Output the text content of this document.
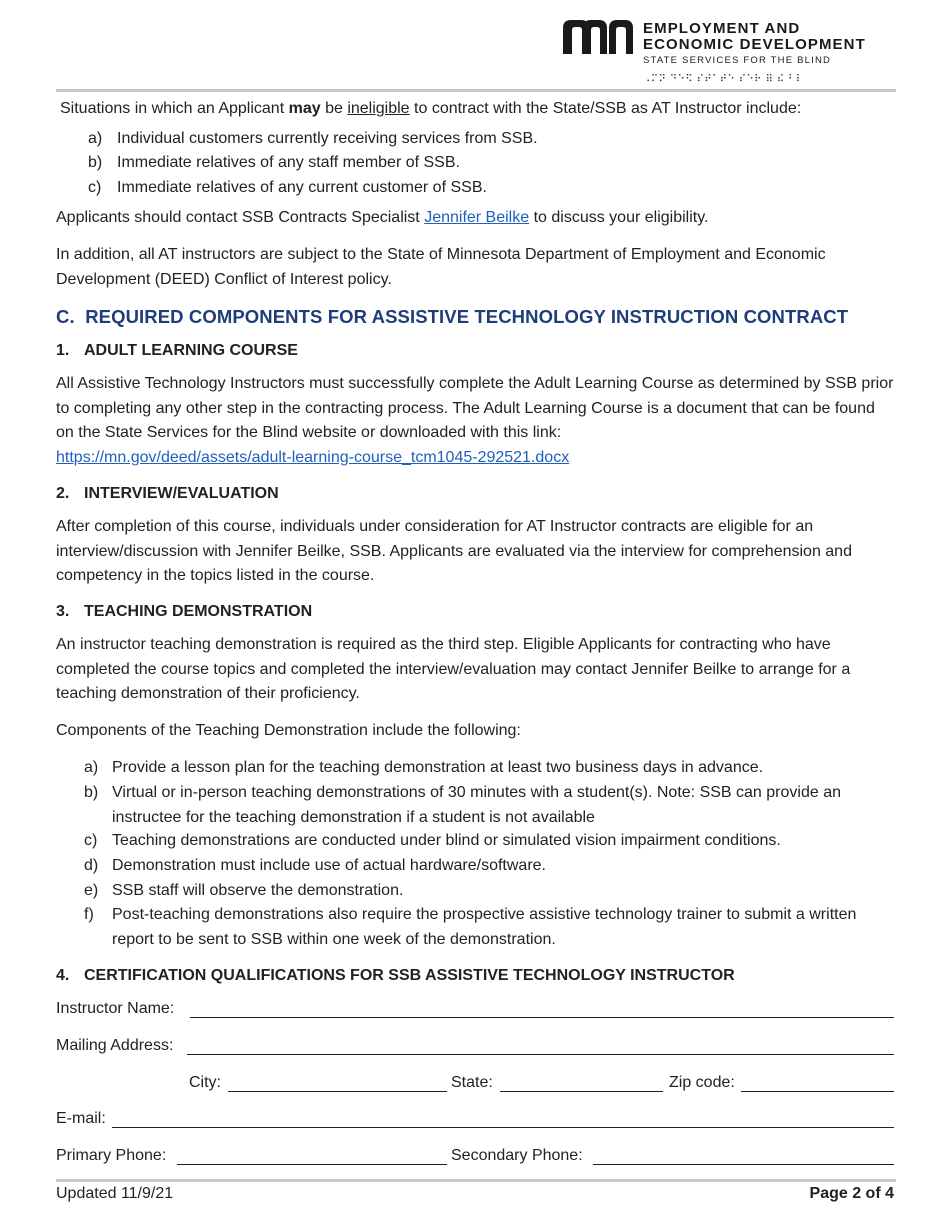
EMPLOYMENT AND
ECONOMIC DEVELOPMENT
STATE SERVICES FOR THE BLIND
⠠⠍⠝ ⠙⠑⠫ ⠎⠞⠁⠞⠑ ⠎⠑⠗ ⠿ ⠮ ⠃⠇
Situations in which an Applicant may be ineligible to contract with the State/SSB as AT Instructor include:
a) Individual customers currently receiving services from SSB.
b) Immediate relatives of any staff member of SSB.
c) Immediate relatives of any current customer of SSB.
Applicants should contact SSB Contracts Specialist Jennifer Beilke to discuss your eligibility.
In addition, all AT instructors are subject to the State of Minnesota Department of Employment and Economic Development (DEED) Conflict of Interest policy.
C. REQUIRED COMPONENTS FOR ASSISTIVE TECHNOLOGY INSTRUCTION CONTRACT
1. ADULT LEARNING COURSE
All Assistive Technology Instructors must successfully complete the Adult Learning Course as determined by SSB prior to completing any other step in the contracting process. The Adult Learning Course is a document that can be found on the State Services for the Blind website or downloaded with this link:
https://mn.gov/deed/assets/adult-learning-course_tcm1045-292521.docx
2. INTERVIEW/EVALUATION
After completion of this course, individuals under consideration for AT Instructor contracts are eligible for an interview/discussion with Jennifer Beilke, SSB. Applicants are evaluated via the interview for comprehension and competency in the topics listed in the course.
3. TEACHING DEMONSTRATION
An instructor teaching demonstration is required as the third step. Eligible Applicants for contracting who have completed the course topics and completed the interview/evaluation may contact Jennifer Beilke to arrange for a teaching demonstration of their proficiency.
Components of the Teaching Demonstration include the following:
a) Provide a lesson plan for the teaching demonstration at least two business days in advance.
b) Virtual or in-person teaching demonstrations of 30 minutes with a student(s). Note: SSB can provide an instructee for the teaching demonstration if a student is not available
c) Teaching demonstrations are conducted under blind or simulated vision impairment conditions.
d) Demonstration must include use of actual hardware/software.
e) SSB staff will observe the demonstration.
f) Post-teaching demonstrations also require the prospective assistive technology trainer to submit a written report to be sent to SSB within one week of the demonstration.
4. CERTIFICATION QUALIFICATIONS FOR SSB ASSISTIVE TECHNOLOGY INSTRUCTOR
Instructor Name:
Mailing Address:
City:	State:	Zip code:
E-mail:
Primary Phone:	Secondary Phone:
Updated 11/9/21	Page 2 of 4
